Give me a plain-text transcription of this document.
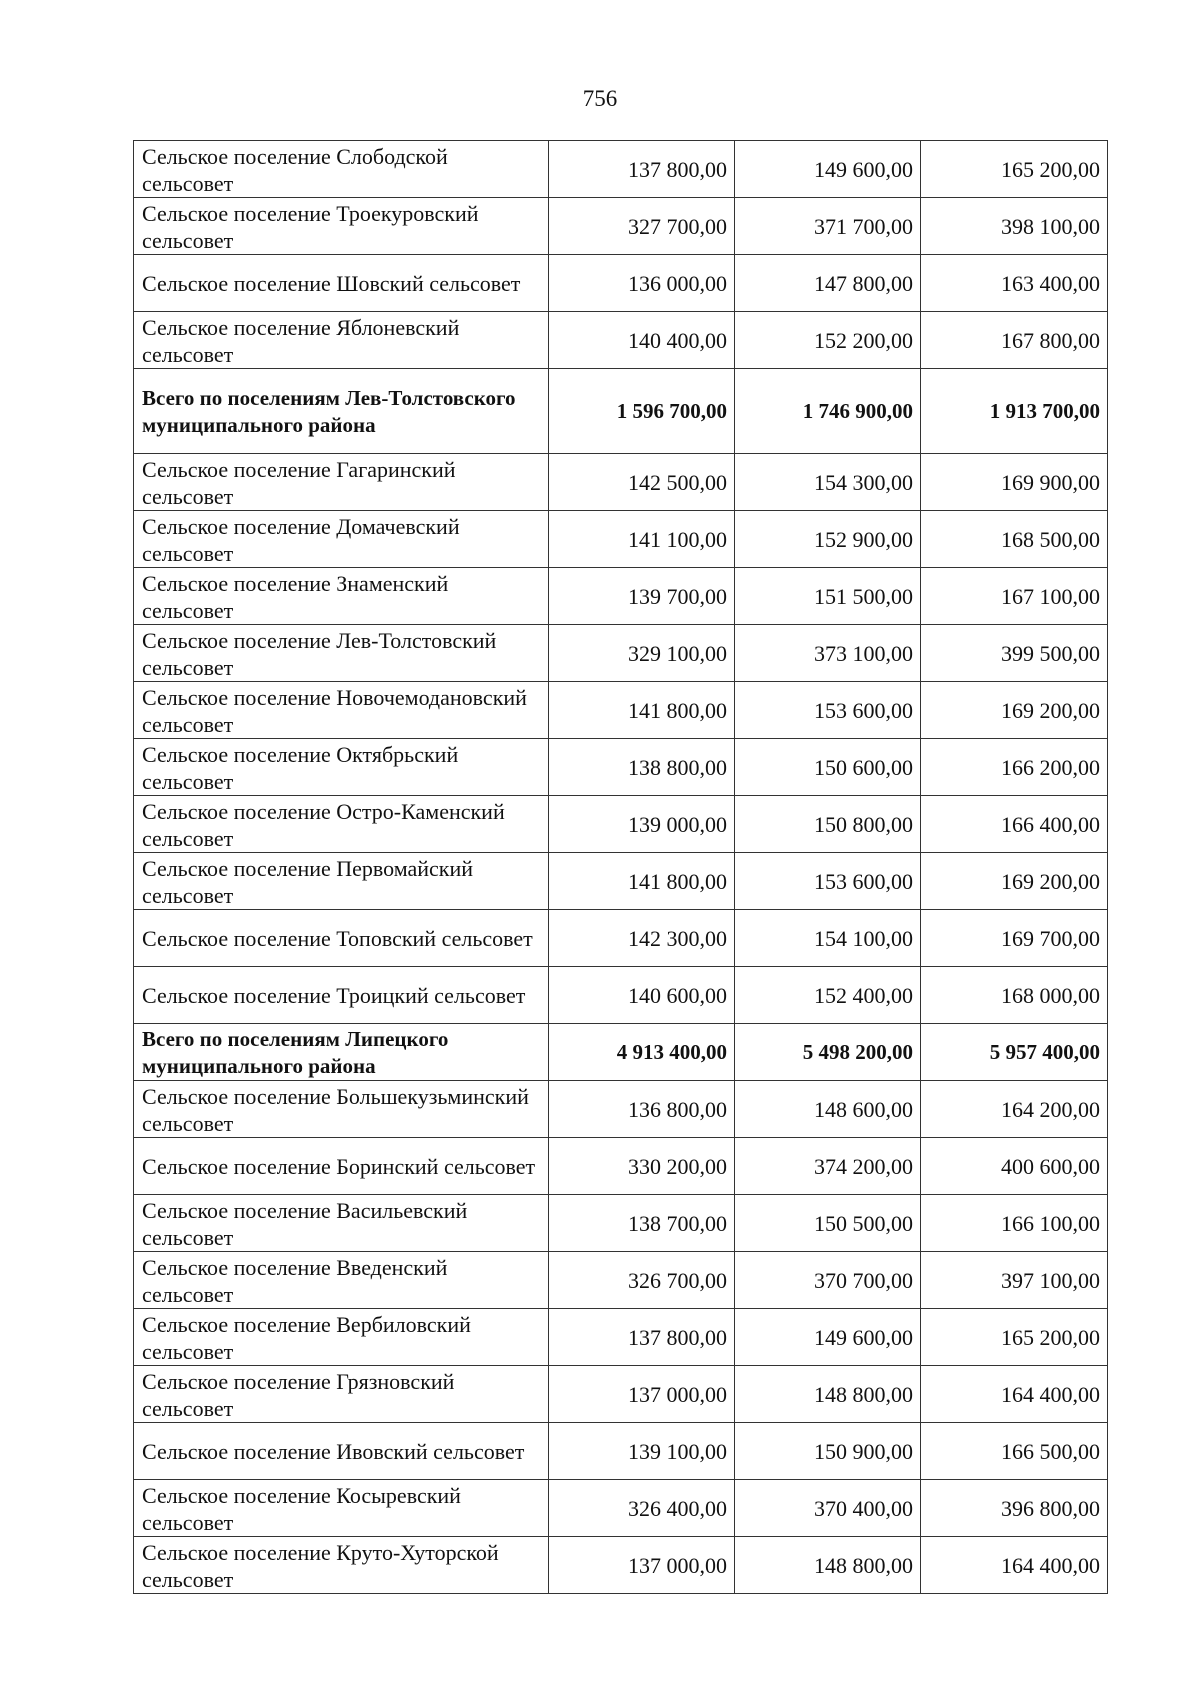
756
Сельское поселение Слободской сельсовет	137 800,00	149 600,00	165 200,00
Сельское поселение Троекуровский сельсовет	327 700,00	371 700,00	398 100,00
Сельское поселение Шовский сельсовет	136 000,00	147 800,00	163 400,00
Сельское поселение Яблоневский сельсовет	140 400,00	152 200,00	167 800,00
Всего по поселениям Лев-Толстовского муниципального района	1 596 700,00	1 746 900,00	1 913 700,00
Сельское поселение Гагаринский сельсовет	142 500,00	154 300,00	169 900,00
Сельское поселение Домачевский сельсовет	141 100,00	152 900,00	168 500,00
Сельское поселение Знаменский сельсовет	139 700,00	151 500,00	167 100,00
Сельское поселение Лев-Толстовский сельсовет	329 100,00	373 100,00	399 500,00
Сельское поселение Новочемодановский сельсовет	141 800,00	153 600,00	169 200,00
Сельское поселение Октябрьский сельсовет	138 800,00	150 600,00	166 200,00
Сельское поселение Остро-Каменский сельсовет	139 000,00	150 800,00	166 400,00
Сельское поселение Первомайский сельсовет	141 800,00	153 600,00	169 200,00
Сельское поселение Топовский сельсовет	142 300,00	154 100,00	169 700,00
Сельское поселение Троицкий сельсовет	140 600,00	152 400,00	168 000,00
Всего по поселениям Липецкого муниципального района	4 913 400,00	5 498 200,00	5 957 400,00
Сельское поселение Большекузьминский сельсовет	136 800,00	148 600,00	164 200,00
Сельское поселение Боринский сельсовет	330 200,00	374 200,00	400 600,00
Сельское поселение Васильевский сельсовет	138 700,00	150 500,00	166 100,00
Сельское поселение Введенский сельсовет	326 700,00	370 700,00	397 100,00
Сельское поселение Вербиловский сельсовет	137 800,00	149 600,00	165 200,00
Сельское поселение Грязновский сельсовет	137 000,00	148 800,00	164 400,00
Сельское поселение Ивовский сельсовет	139 100,00	150 900,00	166 500,00
Сельское поселение Косыревский сельсовет	326 400,00	370 400,00	396 800,00
Сельское поселение Круто-Хуторской сельсовет	137 000,00	148 800,00	164 400,00
